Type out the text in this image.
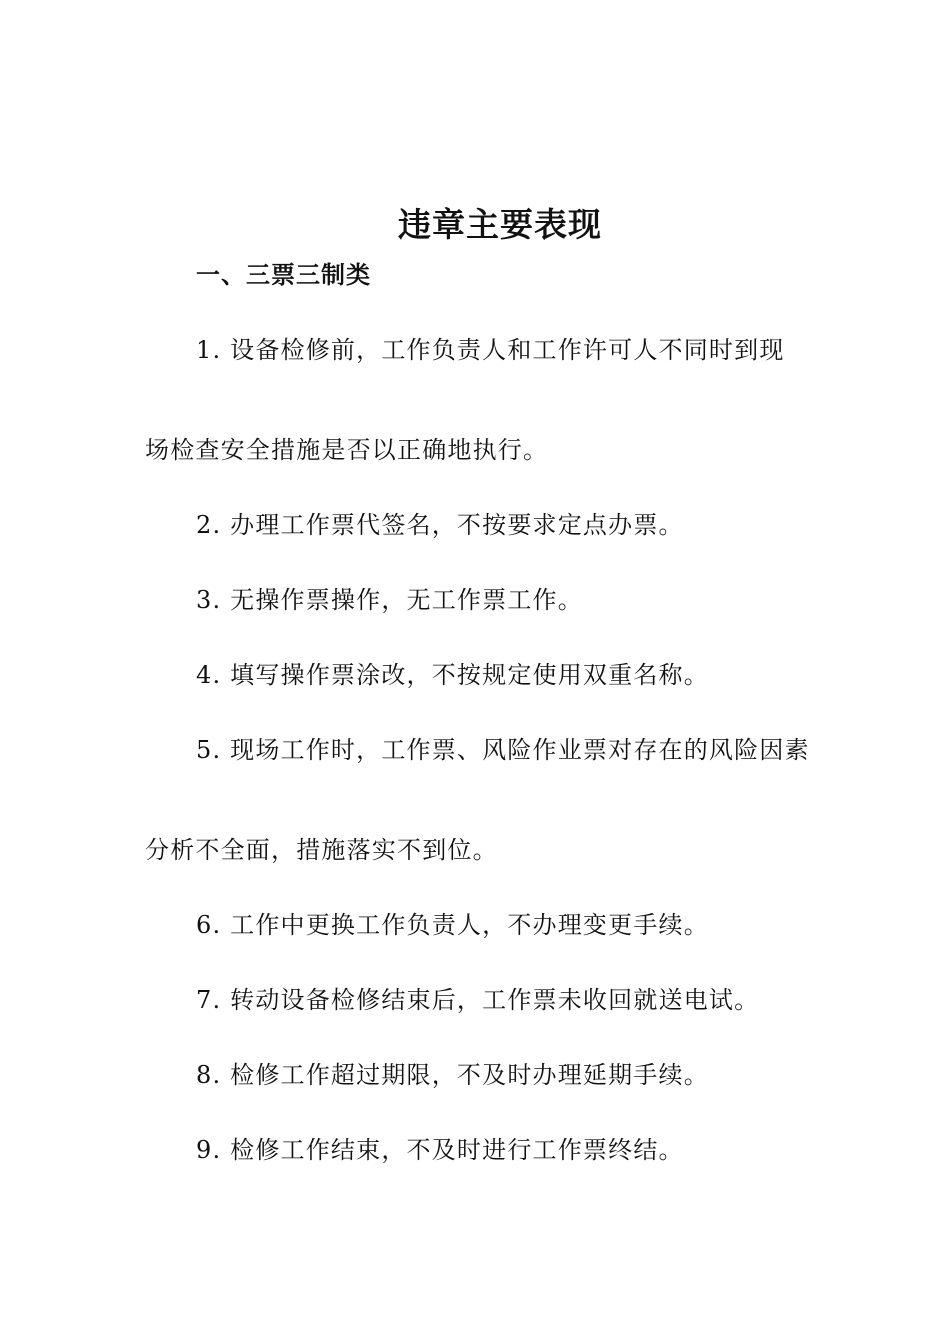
违章主要表现
一、三票三制类

1. 设备检修前，工作负责人和工作许可人不同时到现

场检查安全措施是否以正确地执行。

2. 办理工作票代签名，不按要求定点办票。

3. 无操作票操作，无工作票工作。

4. 填写操作票涂改，不按规定使用双重名称。

5. 现场工作时，工作票、风险作业票对存在的风险因素

分析不全面，措施落实不到位。

6. 工作中更换工作负责人，不办理变更手续。

7. 转动设备检修结束后，工作票未收回就送电试。

8. 检修工作超过期限，不及时办理延期手续。

9. 检修工作结束，不及时进行工作票终结。
